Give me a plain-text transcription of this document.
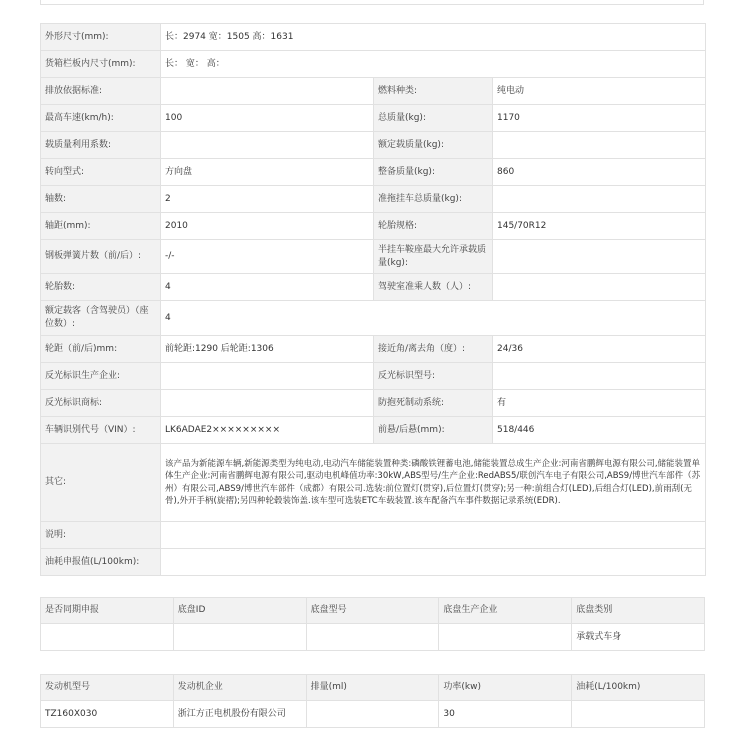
外形尺寸(mm):	长：2974 宽：1505 高：1631		
货箱栏板内尺寸(mm):	长： 宽： 高：		
排放依据标准:		燃料种类:	纯电动
最高车速(km/h):	100	总质量(kg):	1170
载质量利用系数:		额定载质量(kg):	
转向型式:	方向盘	整备质量(kg):	860
轴数:	2	准拖挂车总质量(kg):	
轴距(mm):	2010	轮胎规格:	145/70R12
钢板弹簧片数（前/后）:	-/-	半挂车鞍座最大允许承载质量(kg):	
轮胎数:	4	驾驶室准乘人数（人）:	
额定载客（含驾驶员）（座位数）:	4		
轮距（前/后)mm:	前轮距:1290 后轮距:1306	接近角/离去角（度）:	24/36
反光标识生产企业:		反光标识型号:	
反光标识商标:		防抱死制动系统:	有
车辆识别代号（VIN）:	LK6ADAE2×××××××××	前悬/后悬(mm):	518/446
其它:	该产品为新能源车辆,新能源类型为纯电动,电动汽车储能装置种类:磷酸铁锂蓄电池,储能装置总成生产企业:河南省鹏辉电源有限公司,储能装置单体生产企业:河南省鹏辉电源有限公司,驱动电机峰值功率:30kW,ABS型号/生产企业:RedABS5/联创汽车电子有限公司,ABS9/博世汽车部件（苏州）有限公司,ABS9/博世汽车部件（成都）有限公司.选装:前位置灯(贯穿),后位置灯(贯穿);另一种:前组合灯(LED),后组合灯(LED),前雨刮(无骨),外开手柄(旋褶);另四种轮毂装饰盖.该车型可选装ETC车载装置.该车配备汽车事件数据记录系统(EDR).		
说明:			
油耗申报值(L/100km):			
是否同期申报	底盘ID	底盘型号	底盘生产企业	底盘类别
				承载式车身
发动机型号	发动机企业	排量(ml)	功率(kw)	油耗(L/100km)
TZ160X030	浙江方正电机股份有限公司		30	
